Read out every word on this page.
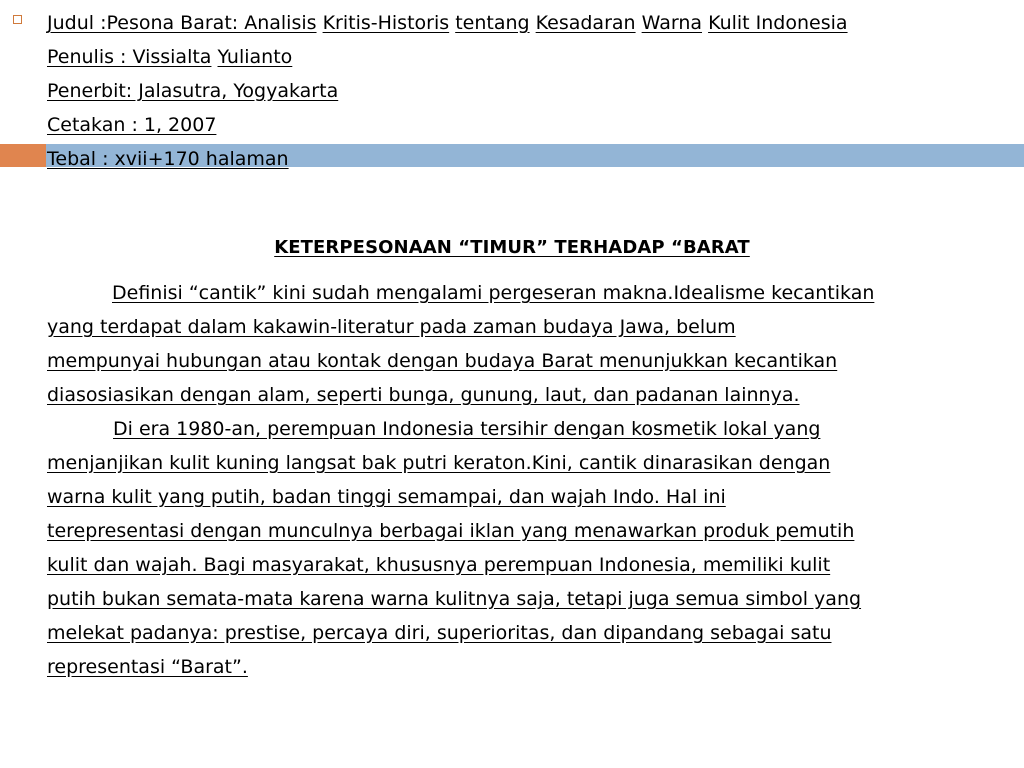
Judul :Pesona Barat: Analisis Kritis-Historis tentang Kesadaran Warna Kulit Indonesia
Penulis : Vissialta Yulianto
Penerbit: Jalasutra, Yogyakarta
Cetakan : 1, 2007
Tebal : xvii+170 halaman
KETERPESONAAN “TIMUR” TERHADAP “BARAT
Definisi “cantik” kini sudah mengalami pergeseran makna.Idealisme kecantikan
yang terdapat dalam kakawin-literatur pada zaman budaya Jawa, belum
mempunyai hubungan atau kontak dengan budaya Barat menunjukkan kecantikan
diasosiasikan dengan alam, seperti bunga, gunung, laut, dan padanan lainnya.
Di era 1980-an, perempuan Indonesia tersihir dengan kosmetik lokal yang
menjanjikan kulit kuning langsat bak putri keraton.Kini, cantik dinarasikan dengan
warna kulit yang putih, badan tinggi semampai, dan wajah Indo. Hal ini
terepresentasi dengan munculnya berbagai iklan yang menawarkan produk pemutih
kulit dan wajah. Bagi masyarakat, khususnya perempuan Indonesia, memiliki kulit
putih bukan semata-mata karena warna kulitnya saja, tetapi juga semua simbol yang
melekat padanya: prestise, percaya diri, superioritas, dan dipandang sebagai satu
representasi “Barat”.
